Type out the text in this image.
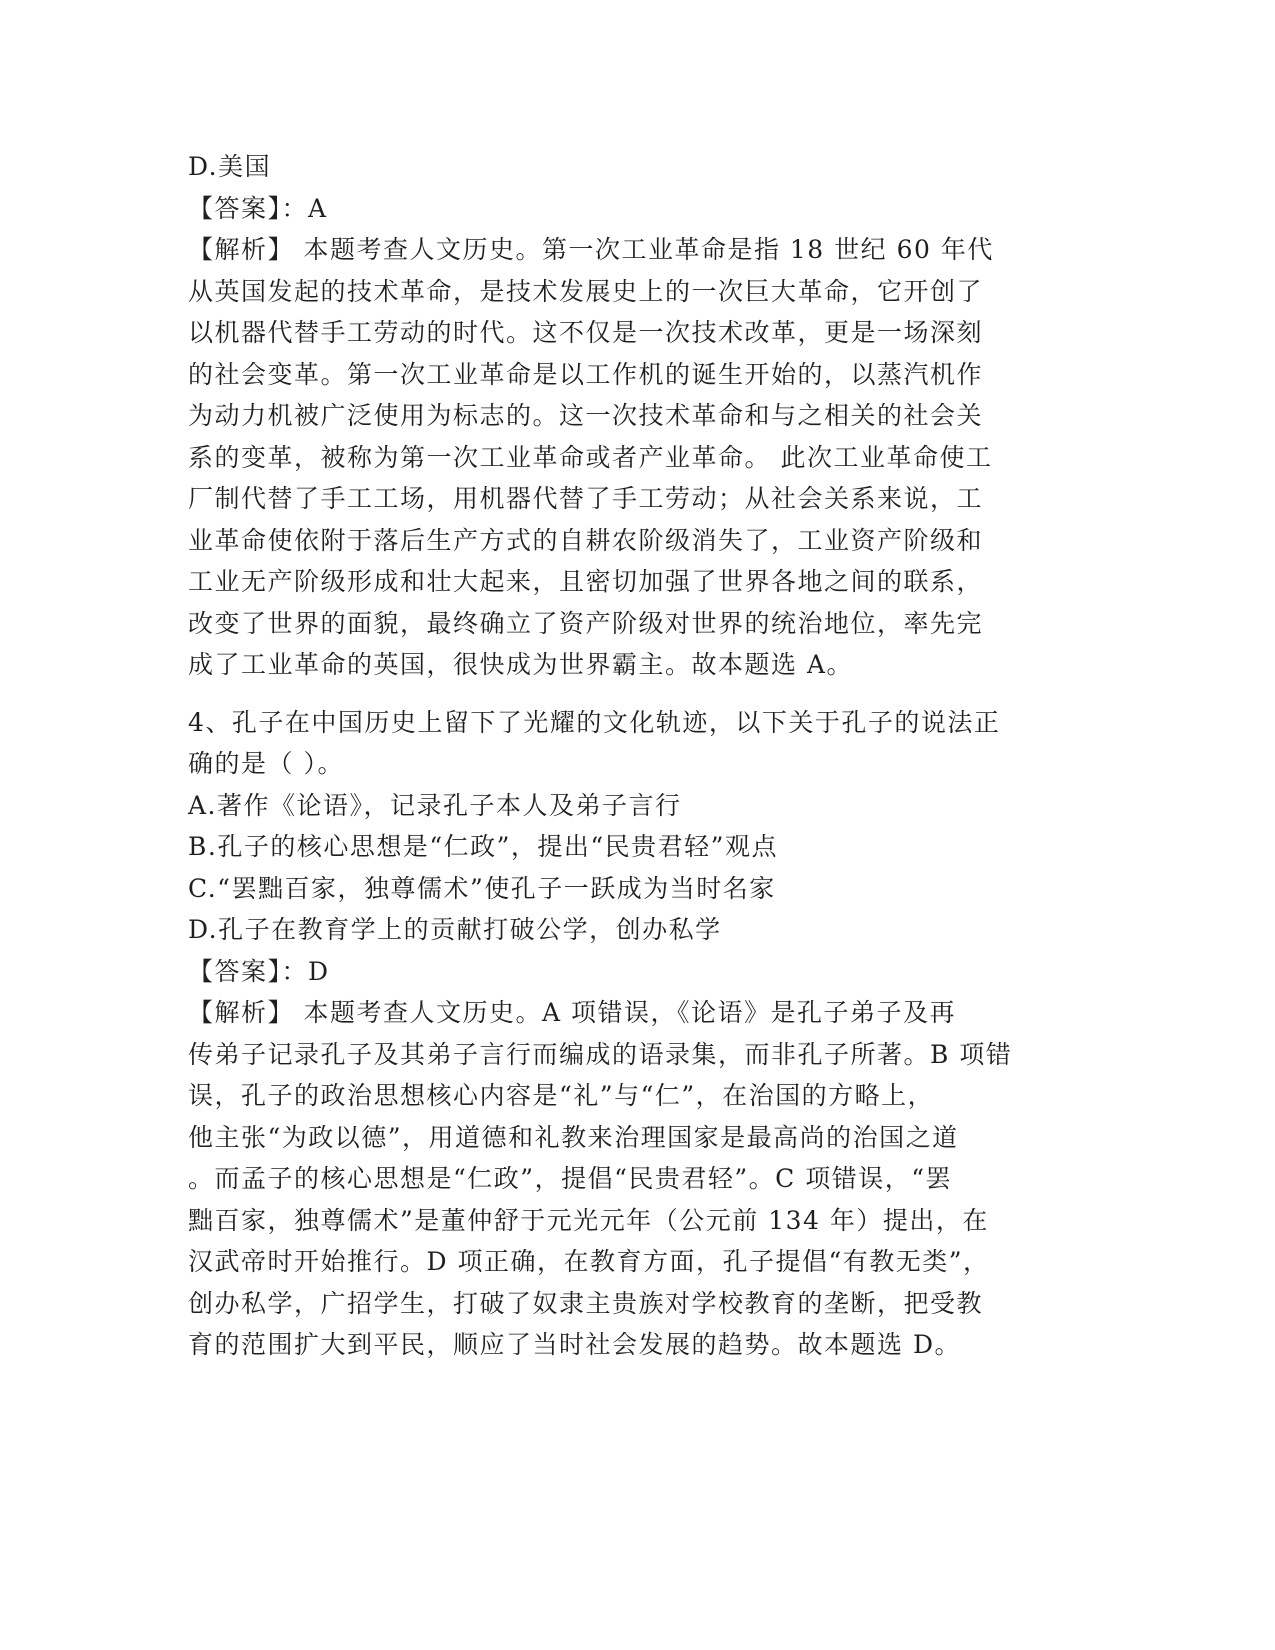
D.美国
【答案】：A
【解析】 本题考查人文历史。第一次工业革命是指 18 世纪 60 年代
从英国发起的技术革命，是技术发展史上的一次巨大革命，它开创了
以机器代替手工劳动的时代。这不仅是一次技术改革，更是一场深刻
的社会变革。第一次工业革命是以工作机的诞生开始的，以蒸汽机作
为动力机被广泛使用为标志的。这一次技术革命和与之相关的社会关
系的变革，被称为第一次工业革命或者产业革命。 此次工业革命使工
厂制代替了手工工场，用机器代替了手工劳动；从社会关系来说，工
业革命使依附于落后生产方式的自耕农阶级消失了，工业资产阶级和
工业无产阶级形成和壮大起来，且密切加强了世界各地之间的联系，
改变了世界的面貌，最终确立了资产阶级对世界的统治地位，率先完
成了工业革命的英国，很快成为世界霸主。故本题选 A。
4、孔子在中国历史上留下了光耀的文化轨迹，以下关于孔子的说法正
确的是（ ）。
A.著作《论语》，记录孔子本人及弟子言行
B.孔子的核心思想是“仁政”，提出“民贵君轻”观点
C.“罢黜百家，独尊儒术”使孔子一跃成为当时名家
D.孔子在教育学上的贡献打破公学，创办私学
【答案】：D
【解析】 本题考查人文历史。A 项错误，《论语》是孔子弟子及再
传弟子记录孔子及其弟子言行而编成的语录集，而非孔子所著。B 项错
误，孔子的政治思想核心内容是“礼”与“仁”，在治国的方略上，
他主张“为政以德”，用道德和礼教来治理国家是最高尚的治国之道
。而孟子的核心思想是“仁政”，提倡“民贵君轻”。C 项错误，“罢
黜百家，独尊儒术”是董仲舒于元光元年（公元前 134 年）提出，在
汉武帝时开始推行。D 项正确，在教育方面，孔子提倡“有教无类”，
创办私学，广招学生，打破了奴隶主贵族对学校教育的垄断，把受教
育的范围扩大到平民，顺应了当时社会发展的趋势。故本题选 D。
